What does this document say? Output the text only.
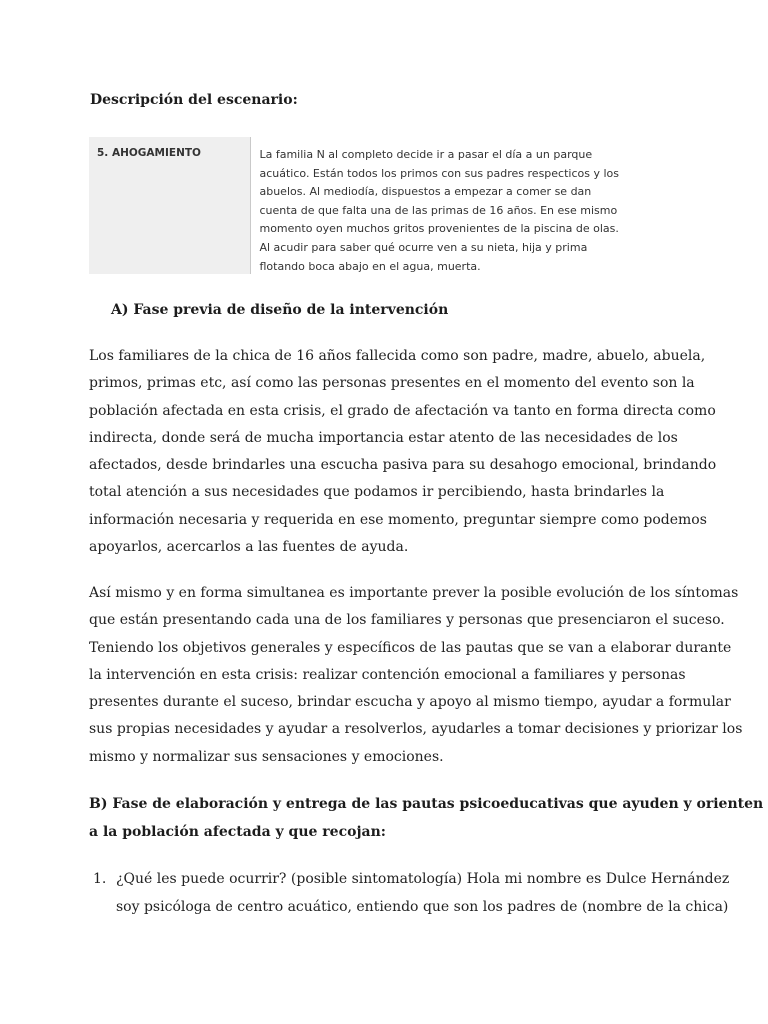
Descripción del escenario:
5. AHOGAMIENTO	La familia N al completo decide ir a pasar el día a un parque
acuático. Están todos los primos con sus padres respecticos y los
abuelos. Al mediodía, dispuestos a empezar a comer se dan
cuenta de que falta una de las primas de 16 años. En ese mismo
momento oyen muchos gritos provenientes de la piscina de olas.
Al acudir para saber qué ocurre ven a su nieta, hija y prima
flotando boca abajo en el agua, muerta.
A) Fase previa de diseño de la intervención
Los familiares de la chica de 16 años fallecida como son padre, madre, abuelo, abuela,
primos, primas etc, así como las personas presentes en el momento del evento son la
población afectada en esta crisis, el grado de afectación va tanto en forma directa como
indirecta, donde será de mucha importancia estar atento de las necesidades de los
afectados, desde brindarles una escucha pasiva para su desahogo emocional, brindando
total atención a sus necesidades que podamos ir percibiendo, hasta brindarles la
información necesaria y requerida en ese momento, preguntar siempre como podemos
apoyarlos, acercarlos a las fuentes de ayuda.
Así mismo y en forma simultanea es importante prever la posible evolución de los síntomas
que están presentando cada una de los familiares y personas que presenciaron el suceso.
Teniendo los objetivos generales y específicos de las pautas que se van a elaborar durante
la intervención en esta crisis: realizar contención emocional a familiares y personas
presentes durante el suceso, brindar escucha y apoyo al mismo tiempo, ayudar a formular
sus propias necesidades y ayudar a resolverlos, ayudarles a tomar decisiones y priorizar los
mismo y normalizar sus sensaciones y emociones.
B) Fase de elaboración y entrega de las pautas psicoeducativas que ayuden y orienten
a la población afectada y que recojan:
1. ¿Qué les puede ocurrir? (posible sintomatología) Hola mi nombre es Dulce Hernández
soy psicóloga de centro acuático, entiendo que son los padres de (nombre de la chica)
